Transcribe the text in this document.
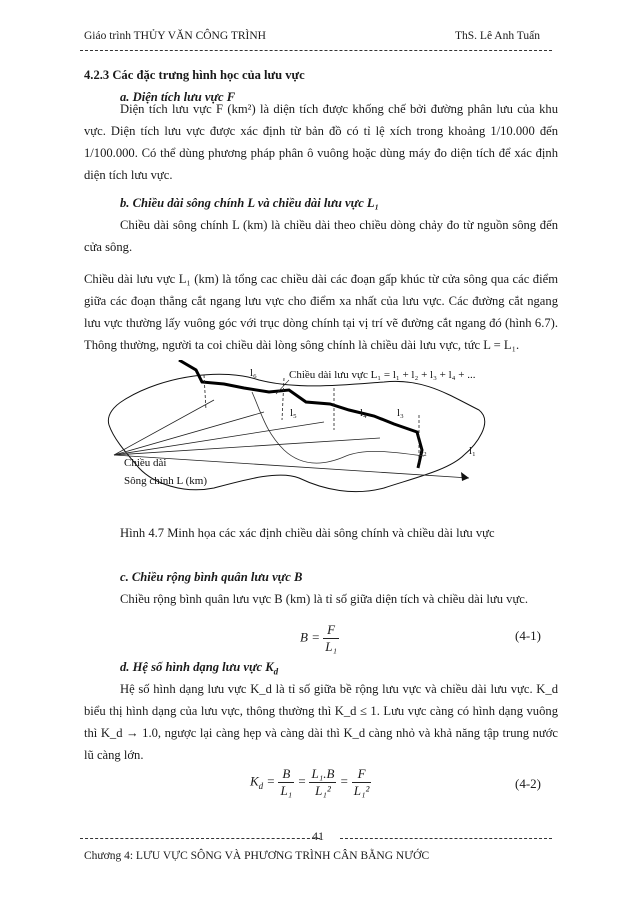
Giáo trình THỦY VĂN CÔNG TRÌNH	ThS. Lê Anh Tuấn
4.2.3 Các đặc trưng hình học của lưu vực
a. Diện tích lưu vực F
Diện tích lưu vực F (km²) là diện tích được khống chế bởi đường phân lưu của khu vực. Diện tích lưu vực được xác định từ bản đồ có tỉ lệ xích trong khoảng 1/10.000 đến 1/100.000. Có thể dùng phương pháp phân ô vuông hoặc dùng máy đo diện tích để xác định diện tích lưu vực.
b. Chiều dài sông chính L và chiều dài lưu vực L₁
Chiều dài sông chính L (km) là chiều dài theo chiều dòng chảy đo từ nguồn sông đến cửa sông.
Chiều dài lưu vực L₁ (km) là tổng cac chiều dài các đoạn gấp khúc từ cửa sông qua các điểm giữa các đoạn thẳng cắt ngang lưu vực cho điểm xa nhất của lưu vực. Các đường cắt ngang lưu vực thường lấy vuông góc với trục dòng chính tại vị trí vẽ đường cắt ngang đó (hình 6.7). Thông thường, người ta coi chiều dài lòng sông chính là chiều dài lưu vực, tức L = L₁.
l₆	Chiều dài lưu vực L₁ = l₁ + l₂ + l₃ + l₄ + ...
l₅	l₄	l₃
l₂	l₁
Chiều dài
Sông chính L (km)
Hình 4.7 Minh họa các xác định chiều dài sông chính và chiều dài lưu vực
c. Chiều rộng bình quân lưu vực B
Chiều rộng bình quân lưu vực B (km) là tỉ số giữa diện tích và chiều dài lưu vực.
$B = \frac{F}{\text{L₁}}$	(4-1)
d. Hệ số hình dạng lưu vực $K_d$
Hệ số hình dạng lưu vực K_d là tỉ số giữa bề rộng lưu vực và chiều dài lưu vực. K_d biểu thị hình dạng của lưu vực, thông thường thì K_d ≤ 1. Lưu vực càng có hình dạng vuông thì K_d → 1.0, ngược lại càng hẹp và càng dài thì K_d càng nhỏ và khả năng tập trung nước lũ càng lớn.
$K_d = \frac{B}{\text{L₁}} = \frac{\text{L₁.B}}{\text{L₁²}} = \frac{F}{\text{L₁²}}$	(4-2)
41
Chương 4: LƯU VỰC SÔNG VÀ PHƯƠNG TRÌNH CÂN BẰNG NƯỚC
